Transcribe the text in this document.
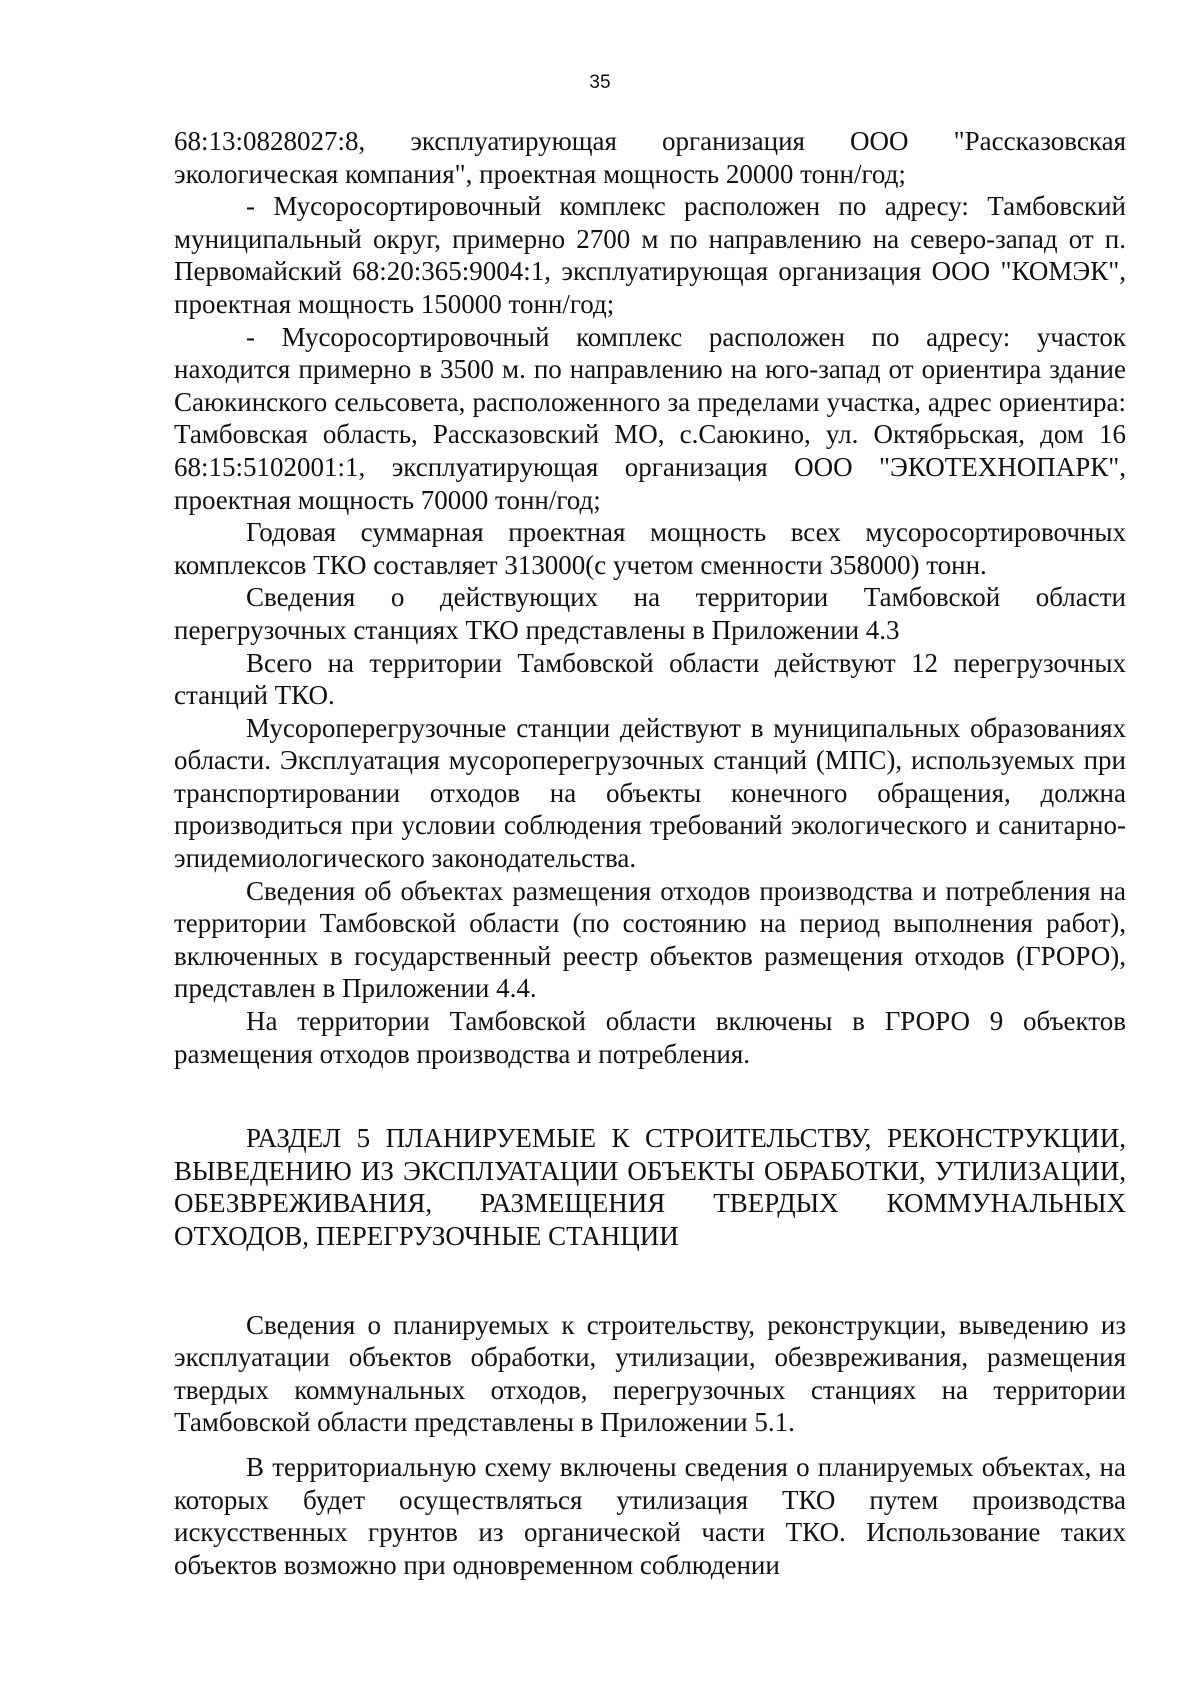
35

68:13:0828027:8, эксплуатирующая организация ООО "Рассказовская экологическая компания", проектная мощность 20000 тонн/год;

- Мусоросортировочный комплекс расположен по адресу: Тамбовский муниципальный округ, примерно 2700 м по направлению на северо-запад от п. Первомайский 68:20:365:9004:1, эксплуатирующая организация ООО "КОМЭК", проектная мощность 150000 тонн/год;

- Мусоросортировочный комплекс расположен по адресу: участок находится примерно в 3500 м. по направлению на юго-запад от ориентира здание Саюкинского сельсовета, расположенного за пределами участка, адрес ориентира: Тамбовская область, Рассказовский МО, с.Саюкино, ул. Октябрьская, дом 16 68:15:5102001:1, эксплуатирующая организация ООО "ЭКОТЕХНОПАРК", проектная мощность 70000 тонн/год;

Годовая суммарная проектная мощность всех мусоросортировочных комплексов ТКО составляет 313000(с учетом сменности 358000) тонн.

Сведения о действующих на территории Тамбовской области перегрузочных станциях ТКО представлены в Приложении 4.3

Всего на территории Тамбовской области действуют 12 перегрузочных станций ТКО.

Мусороперегрузочные станции действуют в муниципальных образованиях области. Эксплуатация мусороперегрузочных станций (МПС), используемых при транспортировании отходов на объекты конечного обращения, должна производиться при условии соблюдения требований экологического и санитарно-эпидемиологического законодательства.

Сведения об объектах размещения отходов производства и потребления на территории Тамбовской области (по состоянию на период выполнения работ), включенных в государственный реестр объектов размещения отходов (ГРОРО), представлен в Приложении 4.4.

На территории Тамбовской области включены в ГРОРО 9 объектов размещения отходов производства и потребления.

РАЗДЕЛ 5 ПЛАНИРУЕМЫЕ К СТРОИТЕЛЬСТВУ, РЕКОНСТРУКЦИИ, ВЫВЕДЕНИЮ ИЗ ЭКСПЛУАТАЦИИ ОБЪЕКТЫ ОБРАБОТКИ, УТИЛИЗАЦИИ, ОБЕЗВРЕЖИВАНИЯ, РАЗМЕЩЕНИЯ ТВЕРДЫХ КОММУНАЛЬНЫХ ОТХОДОВ, ПЕРЕГРУЗОЧНЫЕ СТАНЦИИ

Сведения о планируемых к строительству, реконструкции, выведению из эксплуатации объектов обработки, утилизации, обезвреживания, размещения твердых коммунальных отходов, перегрузочных станциях на территории Тамбовской области представлены в Приложении 5.1.

В территориальную схему включены сведения о планируемых объектах, на которых будет осуществляться утилизация ТКО путем производства искусственных грунтов из органической части ТКО. Использование таких объектов возможно при одновременном соблюдении
